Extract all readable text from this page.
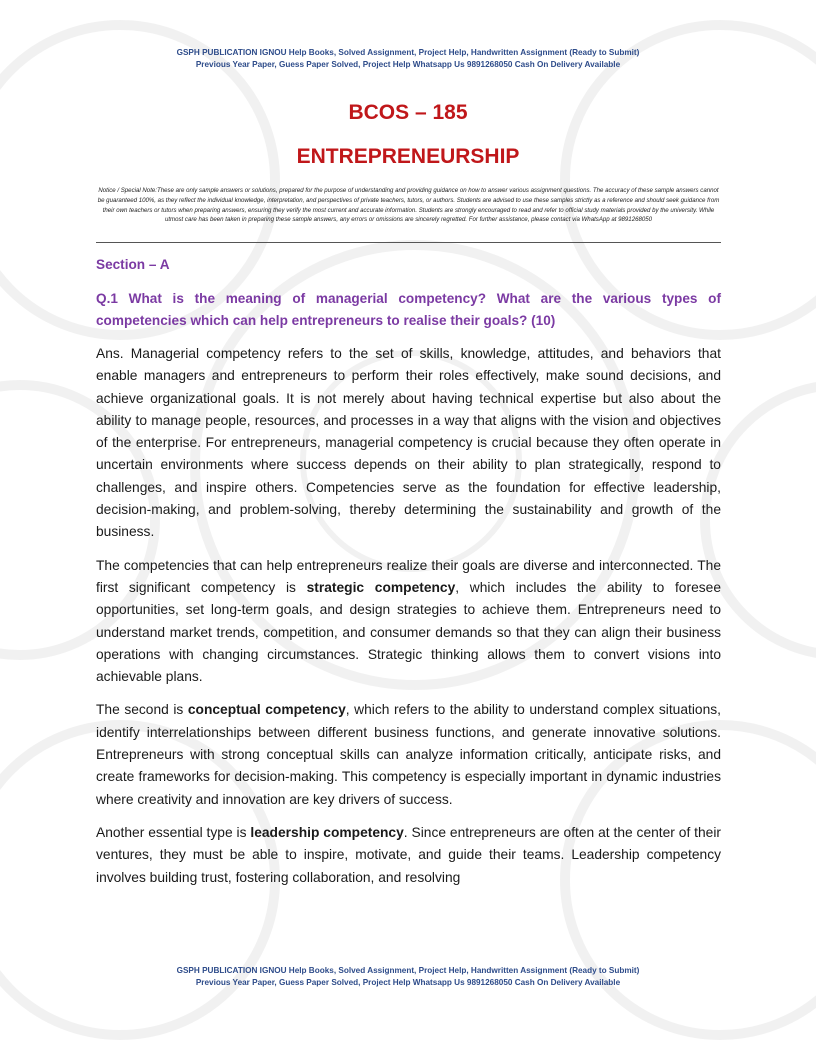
GSPH PUBLICATION IGNOU Help Books, Solved Assignment, Project Help, Handwritten Assignment (Ready to Submit)
Previous Year Paper, Guess Paper Solved, Project Help Whatsapp Us 9891268050 Cash On Delivery Available
BCOS – 185
ENTREPRENEURSHIP
Notice / Special Note:These are only sample answers or solutions, prepared for the purpose of understanding and providing guidance on how to answer various assignment questions. The accuracy of these sample answers cannot be guaranteed 100%, as they reflect the individual knowledge, interpretation, and perspectives of private teachers, tutors, or authors. Students are advised to use these samples strictly as a reference and should seek guidance from their own teachers or tutors when preparing answers, ensuring they verify the most current and accurate information. Students are strongly encouraged to read and refer to official study materials provided by the university. While utmost care has been taken in preparing these sample answers, any errors or omissions are sincerely regretted. For further assistance, please contact via WhatsApp at 9891268050
Section – A
Q.1 What is the meaning of managerial competency? What are the various types of competencies which can help entrepreneurs to realise their goals? (10)

Ans. Managerial competency refers to the set of skills, knowledge, attitudes, and behaviors that enable managers and entrepreneurs to perform their roles effectively, make sound decisions, and achieve organizational goals. It is not merely about having technical expertise but also about the ability to manage people, resources, and processes in a way that aligns with the vision and objectives of the enterprise. For entrepreneurs, managerial competency is crucial because they often operate in uncertain environments where success depends on their ability to plan strategically, respond to challenges, and inspire others. Competencies serve as the foundation for effective leadership, decision-making, and problem-solving, thereby determining the sustainability and growth of the business.

The competencies that can help entrepreneurs realize their goals are diverse and interconnected. The first significant competency is strategic competency, which includes the ability to foresee opportunities, set long-term goals, and design strategies to achieve them. Entrepreneurs need to understand market trends, competition, and consumer demands so that they can align their business operations with changing circumstances. Strategic thinking allows them to convert visions into achievable plans.

The second is conceptual competency, which refers to the ability to understand complex situations, identify interrelationships between different business functions, and generate innovative solutions. Entrepreneurs with strong conceptual skills can analyze information critically, anticipate risks, and create frameworks for decision-making. This competency is especially important in dynamic industries where creativity and innovation are key drivers of success.

Another essential type is leadership competency. Since entrepreneurs are often at the center of their ventures, they must be able to inspire, motivate, and guide their teams. Leadership competency involves building trust, fostering collaboration, and resolving

GSPH PUBLICATION IGNOU Help Books, Solved Assignment, Project Help, Handwritten Assignment (Ready to Submit)
Previous Year Paper, Guess Paper Solved, Project Help Whatsapp Us 9891268050 Cash On Delivery Available
